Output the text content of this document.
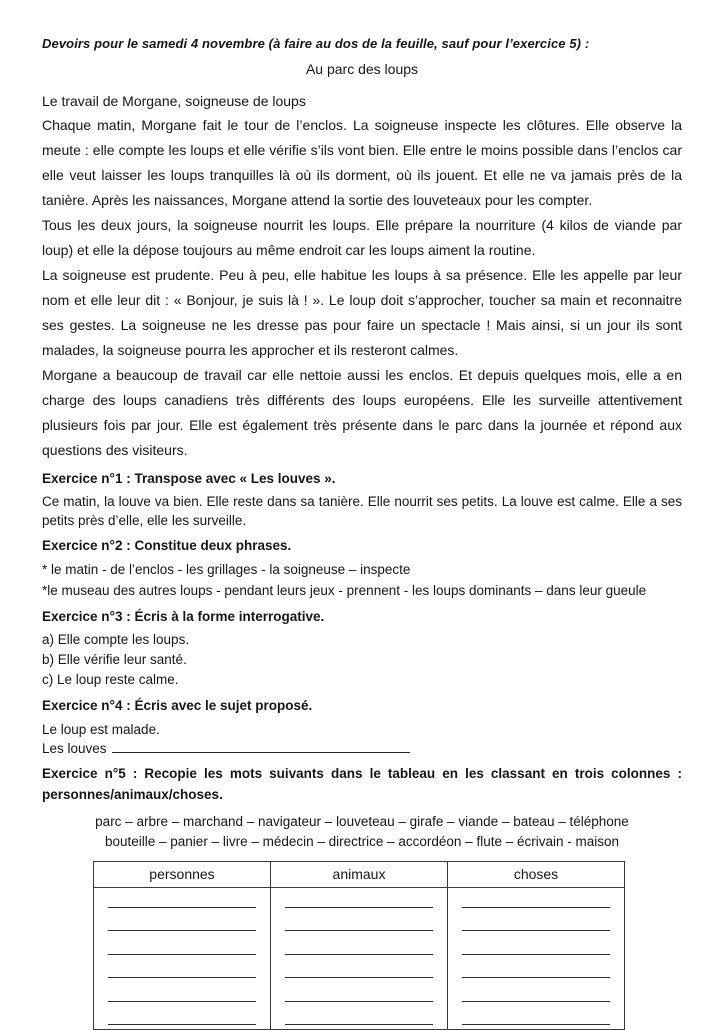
Devoirs pour le samedi 4 novembre (à faire au dos de la feuille, sauf pour l’exercice 5) :
Au parc des loups
Le travail de Morgane, soigneuse de loups

Chaque matin, Morgane fait le tour de l’enclos. La soigneuse inspecte les clôtures. Elle observe la meute : elle compte les loups et elle vérifie s’ils vont bien. Elle entre le moins possible dans l’enclos car elle veut laisser les loups tranquilles là où ils dorment, où ils jouent. Et elle ne va jamais près de la tanière. Après les naissances, Morgane attend la sortie des louveteaux pour les compter.

Tous les deux jours, la soigneuse nourrit les loups. Elle prépare la nourriture (4 kilos de viande par loup) et elle la dépose toujours au même endroit car les loups aiment la routine.

La soigneuse est prudente. Peu à peu, elle habitue les loups à sa présence. Elle les appelle par leur nom et elle leur dit : « Bonjour, je suis là ! ». Le loup doit s’approcher, toucher sa main et reconnaitre ses gestes. La soigneuse ne les dresse pas pour faire un spectacle ! Mais ainsi, si un jour ils sont malades, la soigneuse pourra les approcher et ils resteront calmes.

Morgane a beaucoup de travail car elle nettoie aussi les enclos. Et depuis quelques mois, elle a en charge des loups canadiens très différents des loups européens. Elle les surveille attentivement plusieurs fois par jour. Elle est également très présente dans le parc dans la journée et répond aux questions des visiteurs.

Exercice n°1 : Transpose avec « Les louves ».
Ce matin, la louve va bien. Elle reste dans sa tanière. Elle nourrit ses petits. La louve est calme. Elle a ses petits près d’elle, elle les surveille.
Exercice n°2 : Constitue deux phrases.
* le matin - de l’enclos - les grillages - la soigneuse – inspecte
*le museau des autres loups - pendant leurs jeux - prennent - les loups dominants – dans leur gueule
Exercice n°3 : Écris à la forme interrogative.
a) Elle compte les loups.
b) Elle vérifie leur santé.
c) Le loup reste calme.
Exercice n°4 : Écris avec le sujet proposé.
Le loup est malade.
Les louves
Exercice n°5 : Recopie les mots suivants dans le tableau en les classant en trois colonnes : personnes/animaux/choses.
parc – arbre – marchand – navigateur – louveteau – girafe – viande – bateau – téléphone
bouteille – panier – livre – médecin – directrice – accordéon – flute – écrivain - maison
personnes	animaux	choses
